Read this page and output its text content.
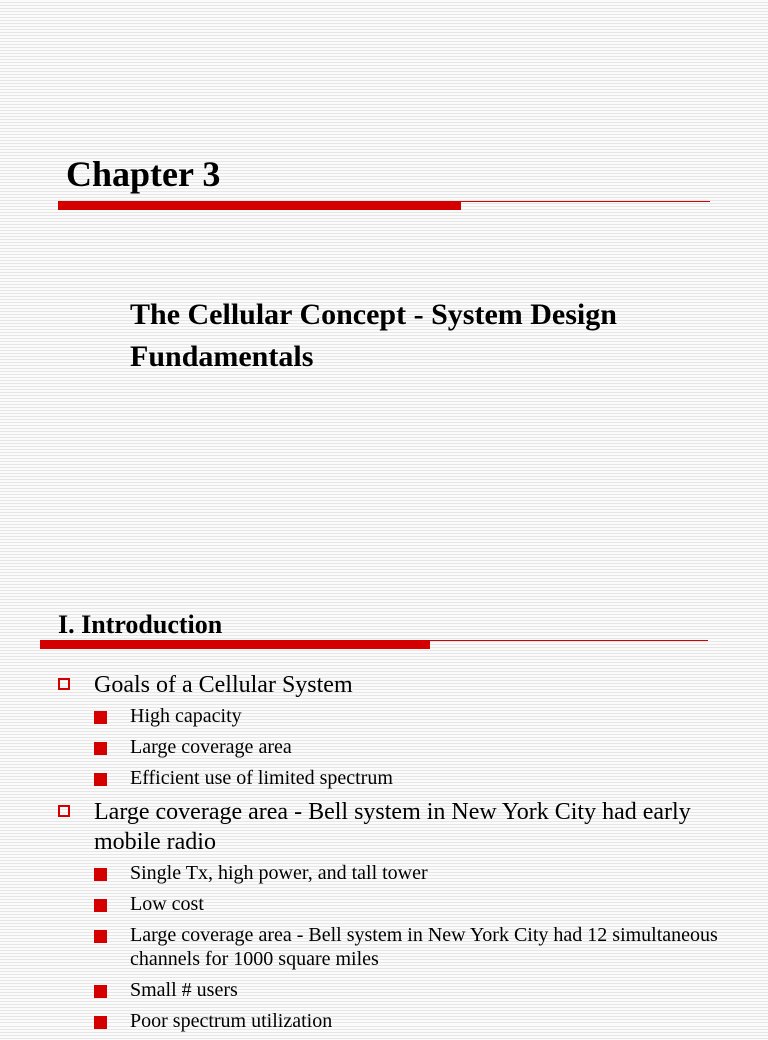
Chapter 3
The Cellular Concept - System Design Fundamentals
I. Introduction
Goals of a Cellular System
High capacity
Large coverage area
Efficient use of limited spectrum
Large coverage area - Bell system in New York City had early mobile radio
Single Tx, high power, and tall tower
Low cost
Large coverage area - Bell system in New York City had 12 simultaneous channels for 1000 square miles
Small # users
Poor spectrum utilization
